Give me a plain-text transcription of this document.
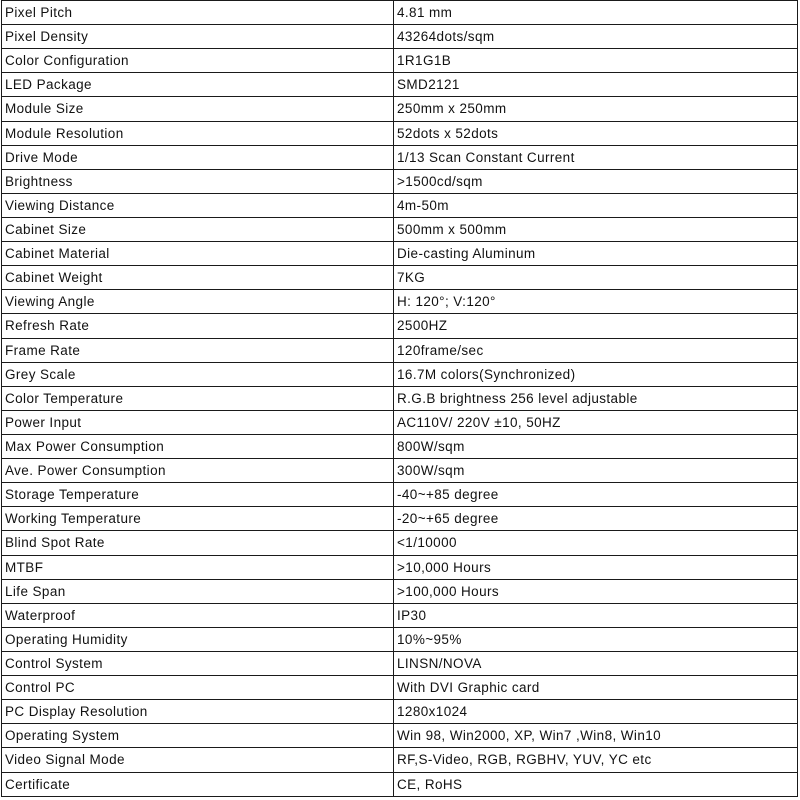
Pixel Pitch	4.81 mm
Pixel Density	43264dots/sqm
Color Configuration	1R1G1B
LED Package	SMD2121
Module Size	250mm x 250mm
Module Resolution	52dots x 52dots
Drive Mode	1/13 Scan Constant Current
Brightness	>1500cd/sqm
Viewing Distance	4m-50m
Cabinet Size	500mm x 500mm
Cabinet Material	Die-casting Aluminum
Cabinet Weight	7KG
Viewing Angle	H: 120°; V:120°
Refresh Rate	2500HZ
Frame Rate	120frame/sec
Grey Scale	16.7M colors(Synchronized)
Color Temperature	R.G.B brightness 256 level adjustable
Power Input	AC110V/ 220V ±10, 50HZ
Max Power Consumption	800W/sqm
Ave. Power Consumption	300W/sqm
Storage Temperature	-40~+85 degree
Working Temperature	-20~+65 degree
Blind Spot Rate	<1/10000
MTBF	>10,000 Hours
Life Span	>100,000 Hours
Waterproof	IP30
Operating Humidity	10%~95%
Control System	LINSN/NOVA
Control PC	With DVI Graphic card
PC Display Resolution	1280x1024
Operating System	Win 98, Win2000, XP, Win7 ,Win8, Win10
Video Signal Mode	RF,S-Video, RGB, RGBHV, YUV, YC etc
Certificate	CE, RoHS
